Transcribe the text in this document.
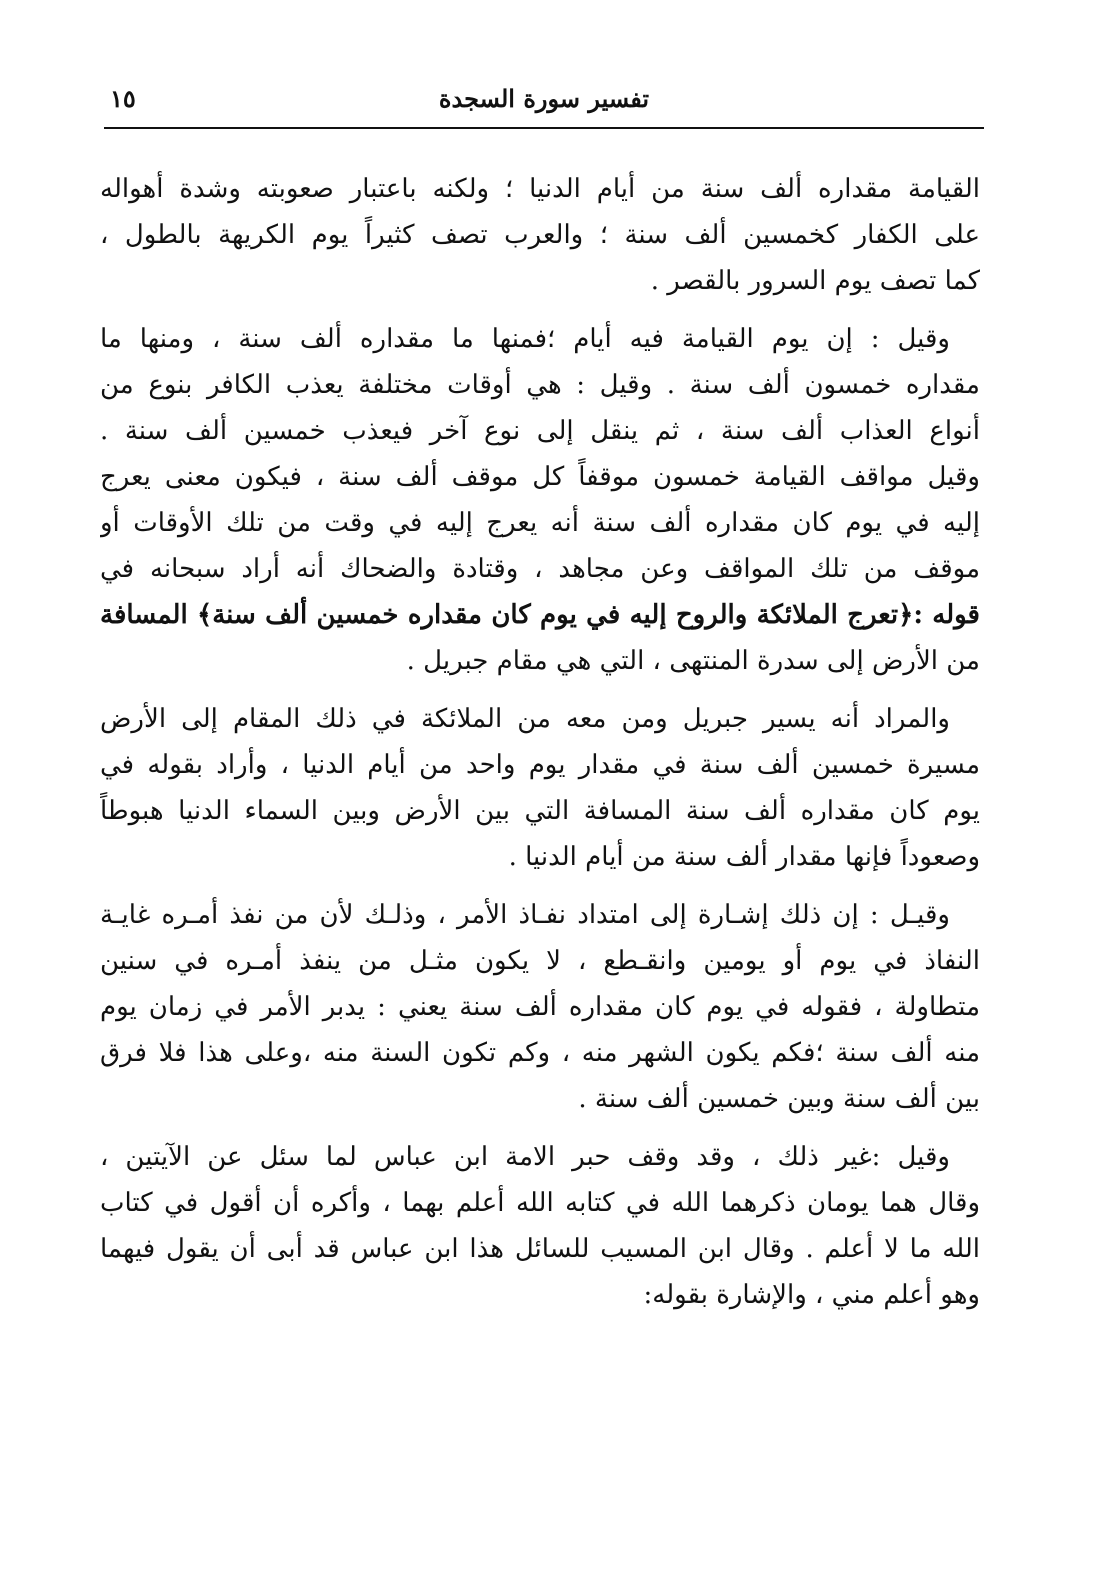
تفسير سورة السجدة
١٥
القيامة مقداره ألف سنة من أيام الدنيا ؛ ولكنه باعتبار صعوبته وشدة أهواله
على الكفار كخمسين ألف سنة ؛ والعرب تصف كثيراً يوم الكريهة بالطول ،
كما تصف يوم السرور بالقصر .
وقيل : إن يوم القيامة فيه أيام ؛فمنها ما مقداره ألف سنة ، ومنها ما
مقداره خمسون ألف سنة . وقيل : هي أوقات مختلفة يعذب الكافر بنوع من
أنواع العذاب ألف سنة ، ثم ينقل إلى نوع آخر فيعذب خمسين ألف سنة .
وقيل مواقف القيامة خمسون موقفاً كل موقف ألف سنة ، فيكون معنى يعرج
إليه في يوم كان مقداره ألف سنة أنه يعرج إليه في وقت من تلك الأوقات أو
موقف من تلك المواقف وعن مجاهد ، وقتادة والضحاك أنه أراد سبحانه في
قوله :﴿تعرج الملائكة والروح إليه في يوم كان مقداره خمسين ألف سنة﴾ المسافة
من الأرض إلى سدرة المنتهى ، التي هي مقام جبريل .
والمراد أنه يسير جبريل ومن معه من الملائكة في ذلك المقام إلى الأرض
مسيرة خمسين ألف سنة في مقدار يوم واحد من أيام الدنيا ، وأراد بقوله في
يوم كان مقداره ألف سنة المسافة التي بين الأرض وبين السماء الدنيا هبوطاً
وصعوداً فإنها مقدار ألف سنة من أيام الدنيا .
وقيـل : إن ذلك إشـارة إلى امتداد نفـاذ الأمر ، وذلـك لأن من نفذ أمـره غايـة
النفاذ في يوم أو يومين وانقـطع ، لا يكون مثـل من ينفذ أمـره في سنين
متطاولة ، فقوله في يوم كان مقداره ألف سنة يعني : يدبر الأمر في زمان يوم
منه ألف سنة ؛فكم يكون الشهر منه ، وكم تكون السنة منه ،وعلى هذا فلا فرق
بين ألف سنة وبين خمسين ألف سنة .
وقيل :غير ذلك ، وقد وقف حبر الامة ابن عباس لما سئل عن الآيتين ،
وقال هما يومان ذكرهما الله في كتابه الله أعلم بهما ، وأكره أن أقول في كتاب
الله ما لا أعلم . وقال ابن المسيب للسائل هذا ابن عباس قد أبى أن يقول فيهما
وهو أعلم مني ، والإشارة بقوله:
